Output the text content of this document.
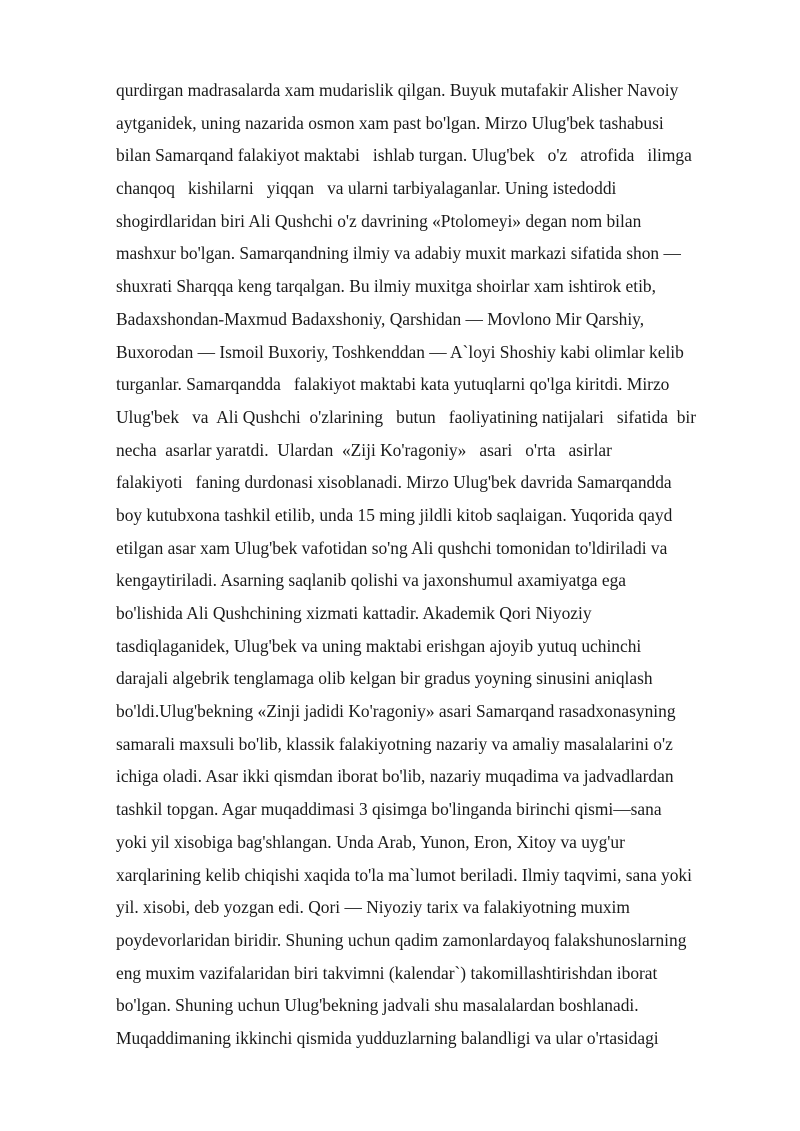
qurdirgan madrasalarda xam mudarislik qilgan. Buyuk mutafakir Alisher Navoiy
aytganidek, uning nazarida osmon xam past bo'lgan. Mirzo Ulug'bek tashabusi
bilan Samarqand falakiyot maktabi   ishlab turgan. Ulug'bek   o'z   atrofida   ilimga
chanqoq   kishilarni   yiqqan   va ularni tarbiyalaganlar. Uning istedoddi
shogirdlaridan biri Ali Qushchi o'z davrining «Ptolomeyi» degan nom bilan
mashxur bo'lgan. Samarqandning ilmiy va adabiy muxit markazi sifatida shon —
shuxrati Sharqqa keng tarqalgan. Bu ilmiy muxitga shoirlar xam ishtirok etib,
Badaxshondan-Maxmud Badaxshoniy, Qarshidan — Movlono Mir Qarshiy,
Buxorodan — Ismoil Buxoriy, Toshkenddan — A`loyi Shoshiy kabi olimlar kelib
turganlar. Samarqandda   falakiyot maktabi kata yutuqlarni qo'lga kiritdi. Mirzo
Ulug'bek   va  Ali Qushchi  o'zlarining   butun   faoliyatining natijalari   sifatida  bir
necha  asarlar yaratdi.  Ulardan  «Ziji Ko'ragoniy»   asari   o'rta   asirlar
falakiyoti   faning durdonasi xisoblanadi. Mirzo Ulug'bek davrida Samarqandda
boy kutubxona tashkil etilib, unda 15 ming jildli kitob saqlaigan. Yuqorida qayd
etilgan asar xam Ulug'bek vafotidan so'ng Ali qushchi tomonidan to'ldiriladi va
kengaytiriladi. Asarning saqlanib qolishi va jaxonshumul axamiyatga ega
bo'lishida Ali Qushchining xizmati kattadir. Akademik Qori Niyoziy
tasdiqlaganidek, Ulug'bek va uning maktabi erishgan ajoyib yutuq uchinchi
darajali algebrik tenglamaga olib kelgan bir gradus yoyning sinusini aniqlash
bo'ldi.Ulug'bekning «Zinji jadidi Ko'ragoniy» asari Samarqand rasadxonasyning
samarali maxsuli bo'lib, klassik falakiyotning nazariy va amaliy masalalarini o'z
ichiga oladi. Asar ikki qismdan iborat bo'lib, nazariy muqadima va jadvadlardan
tashkil topgan. Agar muqaddimasi 3 qisimga bo'linganda birinchi qismi—sana
yoki yil xisobiga bag'shlangan. Unda Arab, Yunon, Eron, Xitoy va uyg'ur
xarqlarining kelib chiqishi xaqida to'la ma`lumot beriladi. Ilmiy taqvimi, sana yoki
yil. xisobi, deb yozgan edi. Qori — Niyoziy tarix va falakiyotning muxim
poydevorlaridan biridir. Shuning uchun qadim zamonlardayoq falakshunoslarning
eng muxim vazifalaridan biri takvimni (kalendar`) takomillashtirishdan iborat
bo'lgan. Shuning uchun Ulug'bekning jadvali shu masalalardan boshlanadi.
Muqaddimaning ikkinchi qismida yudduzlarning balandligi va ular o'rtasidagi
